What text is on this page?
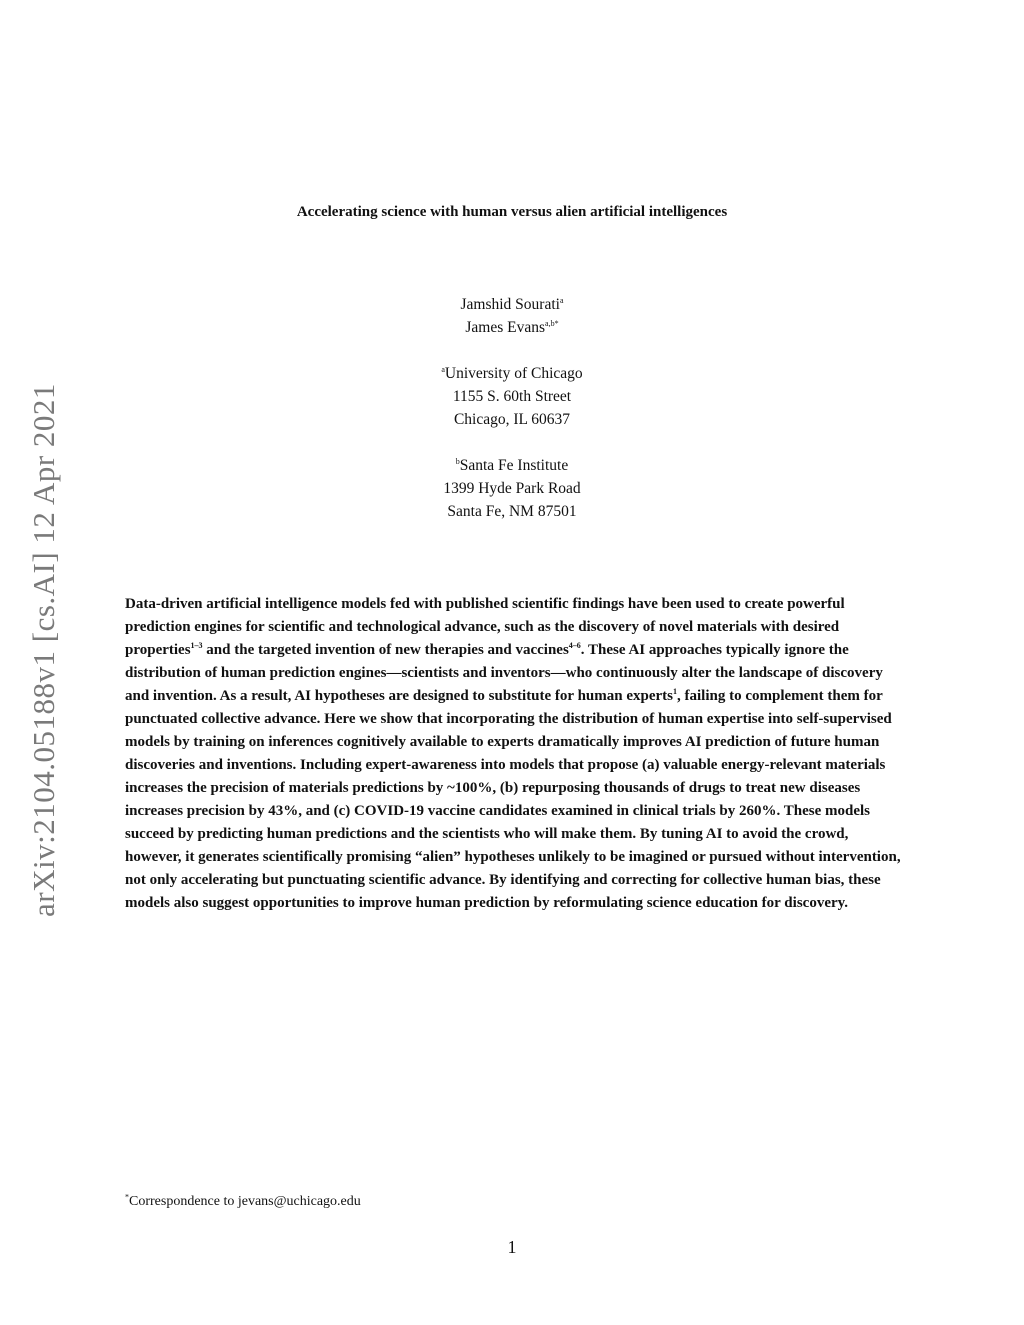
arXiv:2104.05188v1 [cs.AI] 12 Apr 2021
Accelerating science with human versus alien artificial intelligences
Jamshid Sourati$^a$
James Evans$^{a,b*}$
$^a$University of Chicago
1155 S. 60th Street
Chicago, IL 60637
$^b$Santa Fe Institute
1399 Hyde Park Road
Santa Fe, NM 87501
Data-driven artificial intelligence models fed with published scientific findings have been used to create powerful prediction engines for scientific and technological advance, such as the discovery of novel materials with desired properties$^{1-3}$ and the targeted invention of new therapies and vaccines$^{4-6}$. These AI approaches typically ignore the distribution of human prediction engines—scientists and inventors—who continuously alter the landscape of discovery and invention. As a result, AI hypotheses are designed to substitute for human experts$^1$, failing to complement them for punctuated collective advance. Here we show that incorporating the distribution of human expertise into self-supervised models by training on inferences cognitively available to experts dramatically improves AI prediction of future human discoveries and inventions. Including expert-awareness into models that propose (a) valuable energy-relevant materials increases the precision of materials predictions by ~100%, (b) repurposing thousands of drugs to treat new diseases increases precision by 43%, and (c) COVID-19 vaccine candidates examined in clinical trials by 260%. These models succeed by predicting human predictions and the scientists who will make them. By tuning AI to avoid the crowd, however, it generates scientifically promising “alien” hypotheses unlikely to be imagined or pursued without intervention, not only accelerating but punctuating scientific advance. By identifying and correcting for collective human bias, these models also suggest opportunities to improve human prediction by reformulating science education for discovery.
*Correspondence to jevans@uchicago.edu
1
